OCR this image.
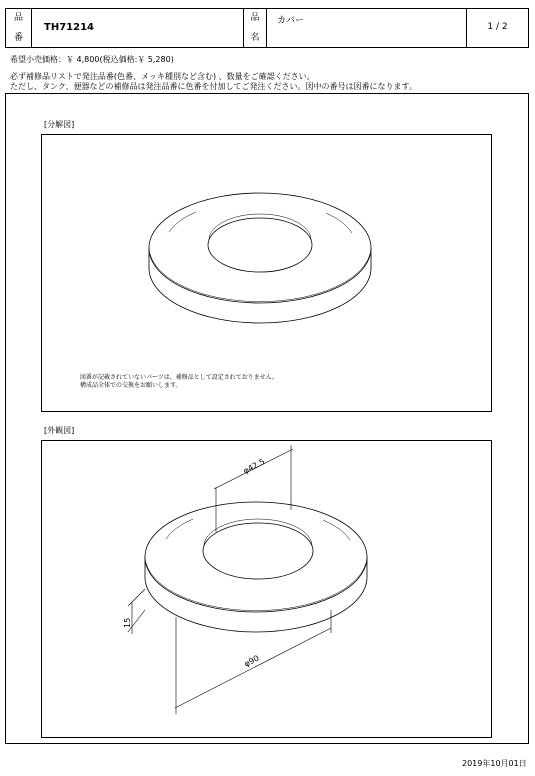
品
番
TH71214
品
名
カバー
1 / 2
希望小売価格：￥ 4,800(税込価格:￥ 5,280)
必ず補修品リストで発注品番(色番、メッキ種別など含む) 、数量をご確認ください。
ただし、タンク、便器などの補修品は発注品番に色番を付加してご発注ください。図中の番号は図番になります。
[分解図]
図番が記載されていないパーツは、補修品として設定されておりません。
構成品全体での交換をお願いします。
[外観図]
φ42.5
15
φ90
2019年10月01日
